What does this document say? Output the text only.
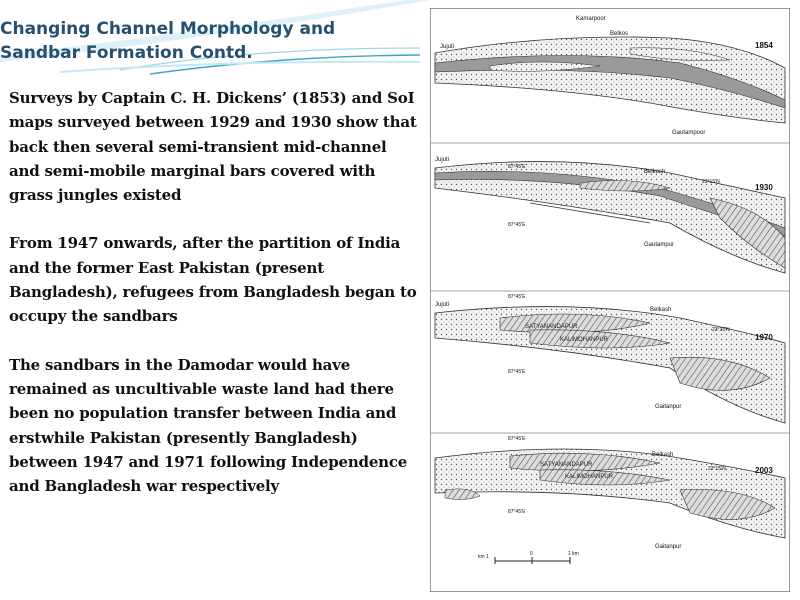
Changing Channel Morphology and
Sandbar Formation Contd.

Surveys by Captain C. H. Dickens’ (1853) and SoI maps surveyed between 1929 and 1930 show that back then several semi-transient mid-channel and semi-mobile marginal bars covered with grass jungles existed

From 1947 onwards, after the partition of India and the former East Pakistan (present Bangladesh), refugees from Bangladesh began to occupy the sandbars

The sandbars in the Damodar would have remained as uncultivable waste land had there been no population transfer between India and erstwhile Pakistan (presently Bangladesh) between 1947 and 1971 following Independence and Bangladesh war respectively

1854
Kamarpoor
Belkos
Jujuti
Gautampoor
1930
Jujuti
Belkosh
Gautampur
87°45'E
23°15'N
87°45'E
1970
Jujuti
Belkash
SATYANANDAPUR
KALIMOHANPUR
Gaitanpur
87°45'E
23°15'N
87°45'E
2003
Belkash
SATYANANDAPUR
KALIMOHANPUR
Gaitanpur
87°45'E
23°15'N
87°45'E
km 1	0	1 km
